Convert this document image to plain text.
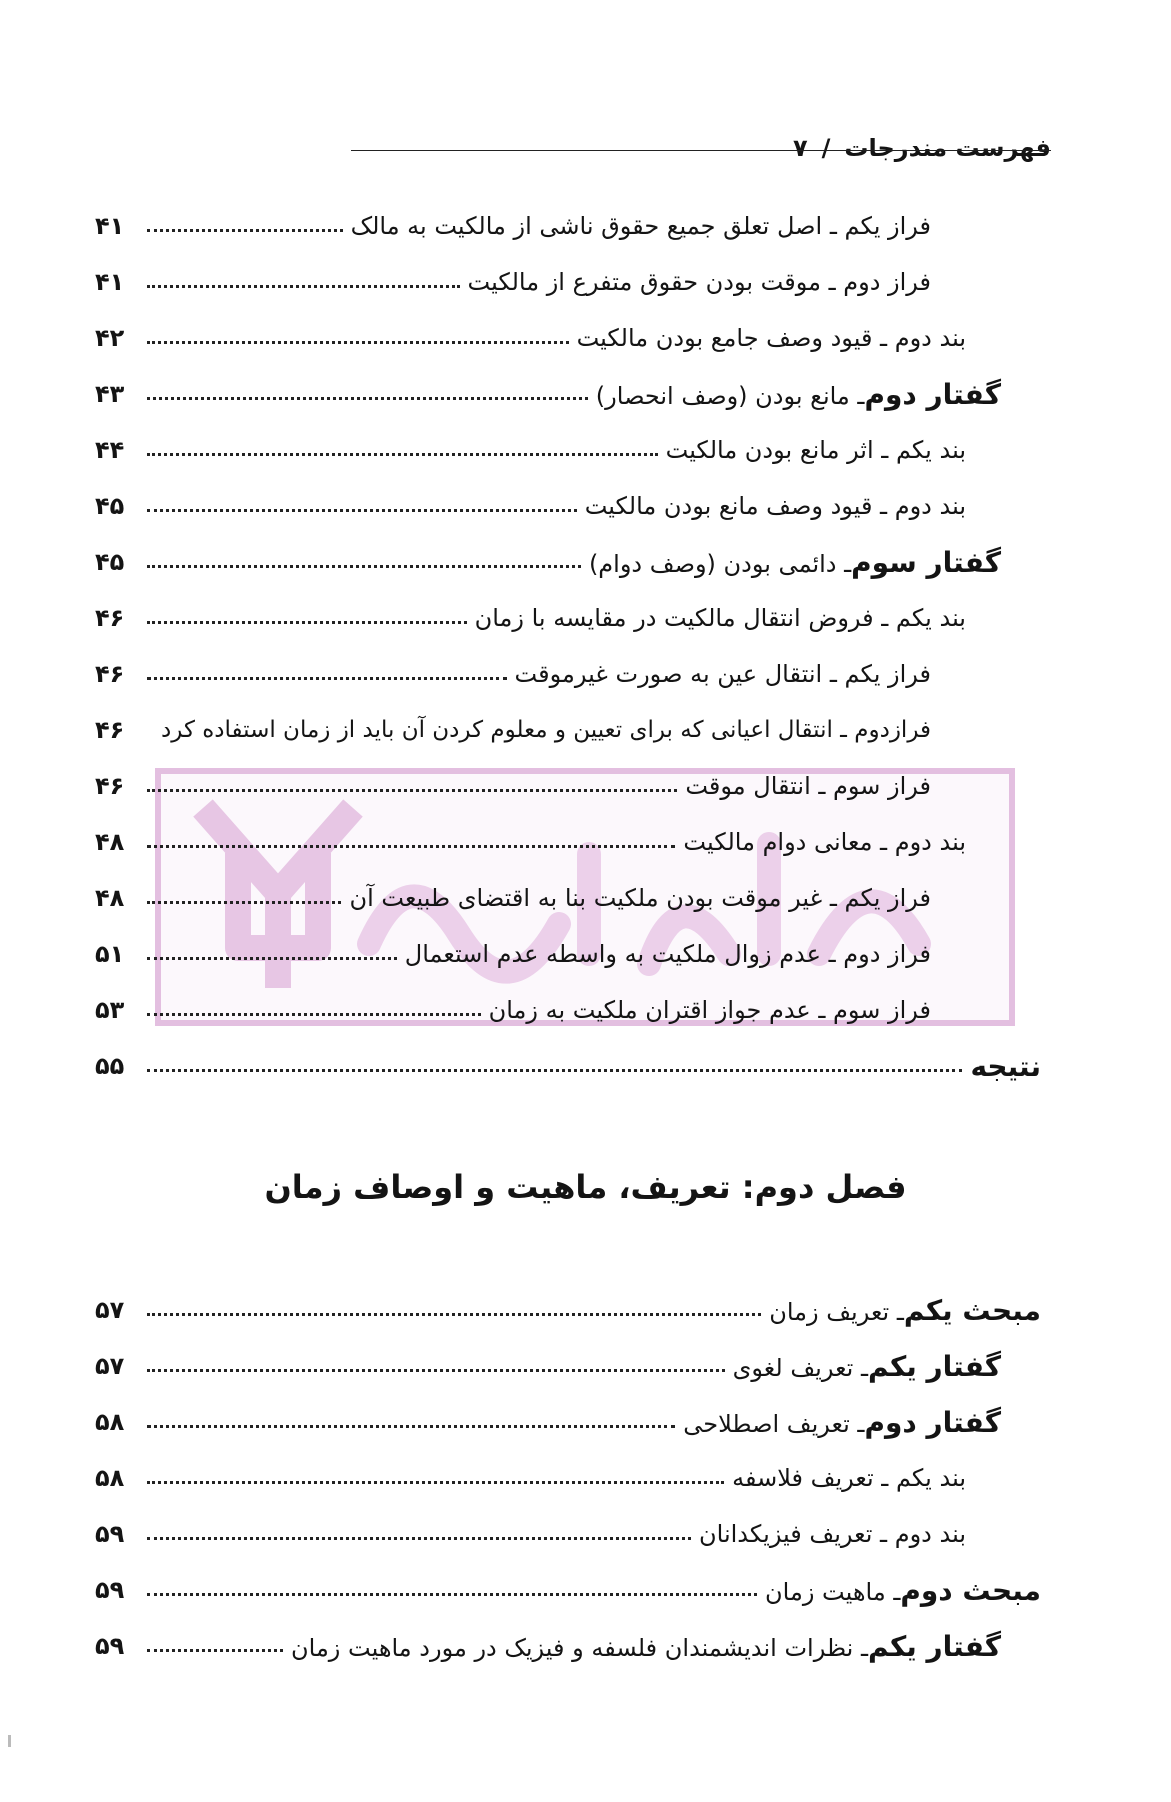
فهرست مندرجات
/
۷
فراز یکم ـ اصل تعلق جمیع حقوق ناشی از مالکیت به مالک
۴۱
فراز دوم ـ موقت بودن حقوق متفرع از مالکیت
۴۱
بند دوم ـ قیود وصف جامع بودن مالکیت
۴۲
گفتار دوم
ـ مانع بودن (وصف انحصار)
۴۳
بند یکم ـ اثر مانع بودن مالکیت
۴۴
بند دوم ـ قیود وصف مانع بودن مالکیت
۴۵
گفتار سوم
ـ دائمی بودن (وصف دوام)
۴۵
بند یکم ـ فروض انتقال مالکیت در مقایسه با زمان
۴۶
فراز یکم ـ انتقال عین به صورت غیرموقت
۴۶
فرازدوم ـ انتقال اعیانی که برای تعیین و معلوم کردن آن باید از زمان استفاده کرد
۴۶
فراز سوم ـ انتقال موقت
۴۶
بند دوم ـ معانی دوام مالکیت
۴۸
فراز یکم ـ غیر موقت بودن ملکیت بنا به اقتضای طبیعت آن
۴۸
فراز دوم ـ عدم زوال ملکیت به واسطه عدم استعمال
۵۱
فراز سوم ـ عدم جواز اقتران ملکیت به زمان
۵۳
نتیجه
۵۵
فصل دوم: تعریف، ماهیت و اوصاف زمان
مبحث یکم
ـ تعریف زمان
۵۷
گفتار یکم
ـ تعریف لغوی
۵۷
گفتار دوم
ـ تعریف اصطلاحی
۵۸
بند یکم ـ تعریف فلاسفه
۵۸
بند دوم ـ تعریف فیزیکدانان
۵۹
مبحث دوم
ـ ماهیت زمان
۵۹
گفتار یکم
ـ نظرات اندیشمندان فلسفه و فیزیک در مورد ماهیت زمان
۵۹
